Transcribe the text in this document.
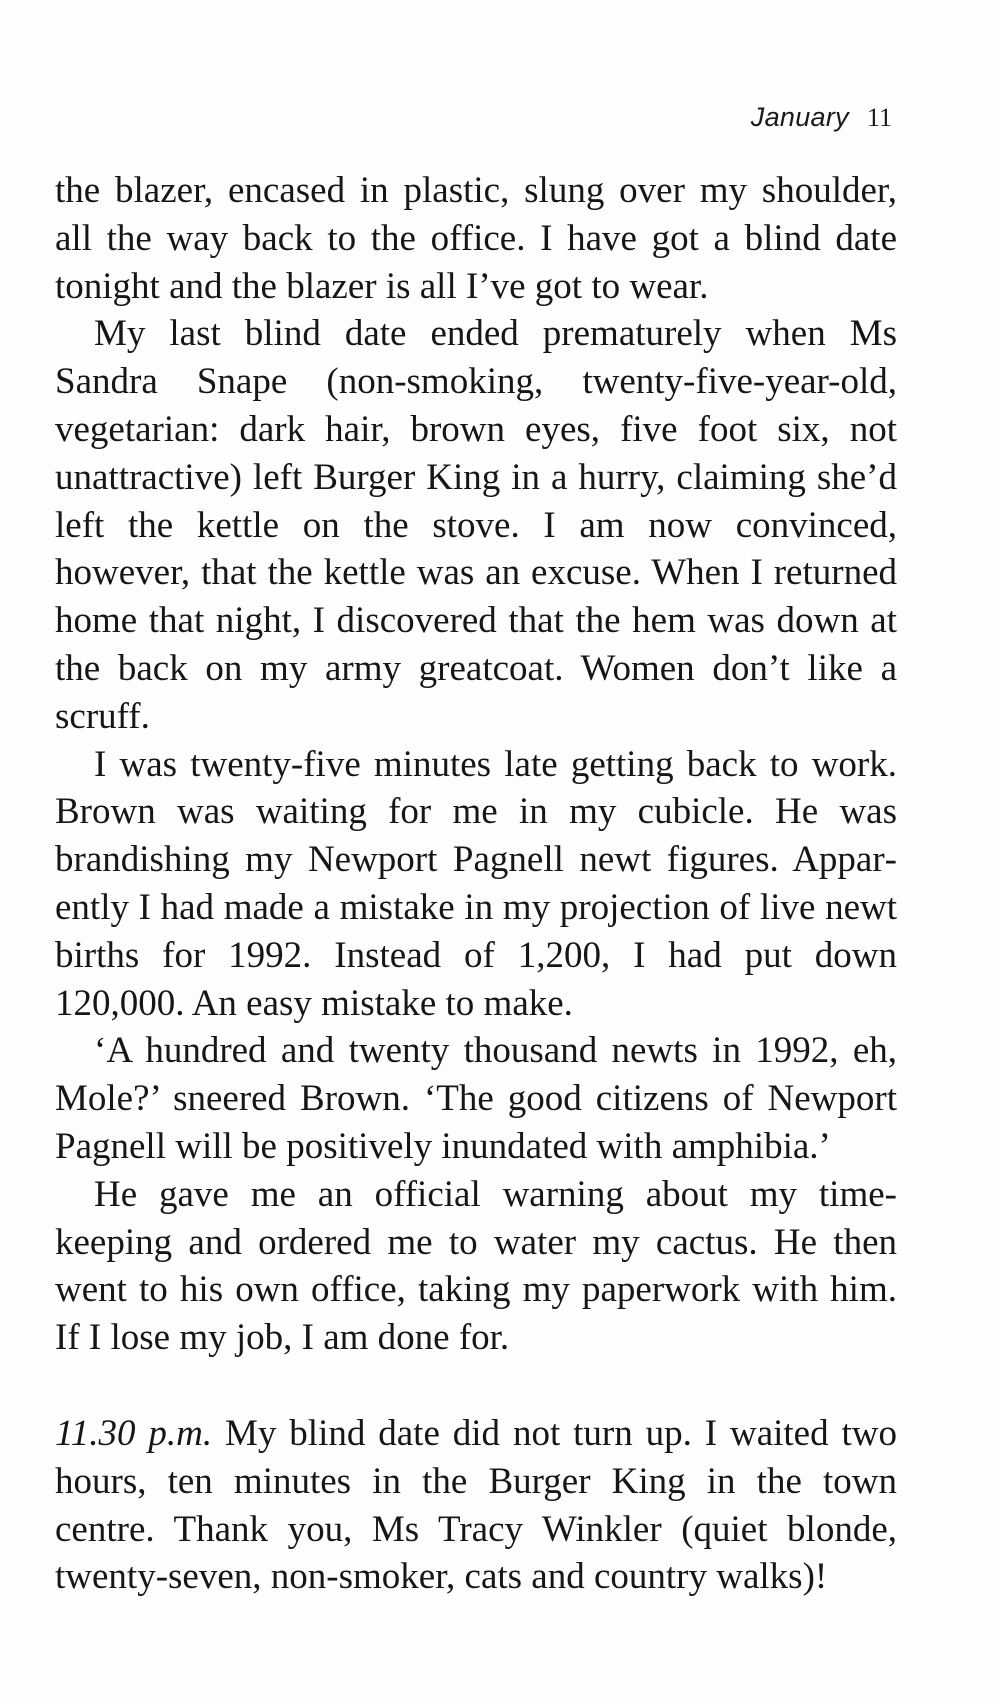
January 11

the blazer, encased in plastic, slung over my shoulder, all the way back to the office. I have got a blind date tonight and the blazer is all I’ve got to wear.

My last blind date ended prematurely when Ms Sandra Snape (non-smoking, twenty-five-year-old, vegetarian: dark hair, brown eyes, five foot six, not unattractive) left Burger King in a hurry, claiming she’d left the kettle on the stove. I am now convinced, however, that the kettle was an excuse. When I returned home that night, I discovered that the hem was down at the back on my army greatcoat. Women don’t like a scruff.

I was twenty-five minutes late getting back to work. Brown was waiting for me in my cubicle. He was brandishing my Newport Pagnell newt figures. Apparently I had made a mistake in my projection of live newt births for 1992. Instead of 1,200, I had put down 120,000. An easy mistake to make.

‘A hundred and twenty thousand newts in 1992, eh, Mole?’ sneered Brown. ‘The good citizens of Newport Pagnell will be positively inundated with amphibia.’

He gave me an official warning about my timekeeping and ordered me to water my cactus. He then went to his own office, taking my paperwork with him. If I lose my job, I am done for.

11.30 p.m. My blind date did not turn up. I waited two hours, ten minutes in the Burger King in the town centre. Thank you, Ms Tracy Winkler (quiet blonde, twenty-seven, non-smoker, cats and country walks)!
